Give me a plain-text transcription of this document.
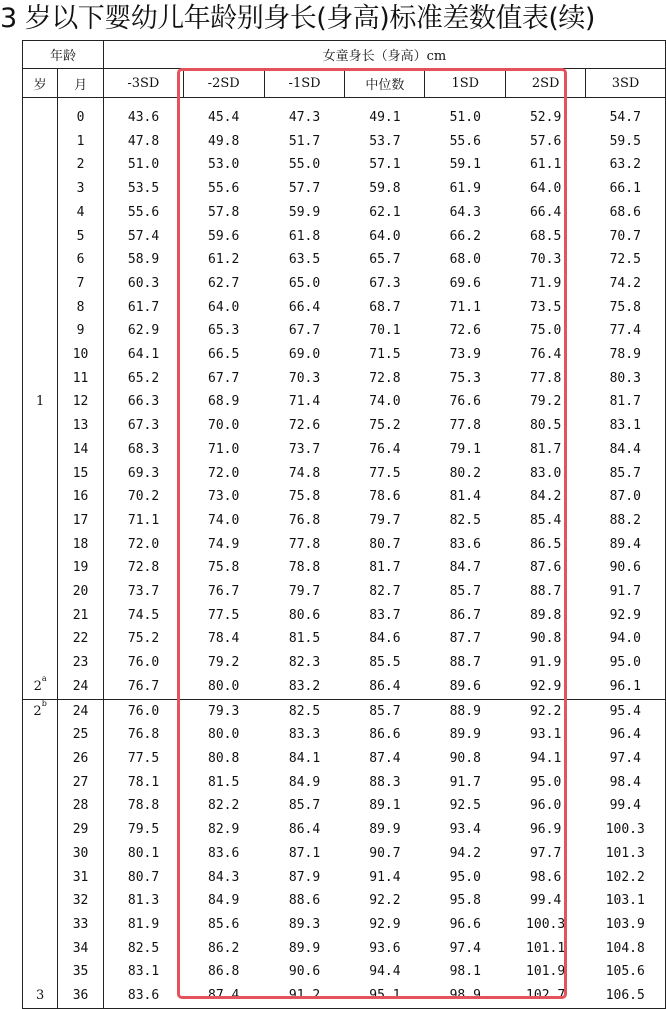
3 岁以下婴幼儿年龄别身长(身高)标准差数值表(续)
年龄		女童身长（身高）cm						
岁	月	-3SD	-2SD	-1SD	中位数	1SD	2SD	3SD
	0	43.6	45.4	47.3	49.1	51.0	52.9	54.7
	1	47.8	49.8	51.7	53.7	55.6	57.6	59.5
	2	51.0	53.0	55.0	57.1	59.1	61.1	63.2
	3	53.5	55.6	57.7	59.8	61.9	64.0	66.1
	4	55.6	57.8	59.9	62.1	64.3	66.4	68.6
	5	57.4	59.6	61.8	64.0	66.2	68.5	70.7
	6	58.9	61.2	63.5	65.7	68.0	70.3	72.5
	7	60.3	62.7	65.0	67.3	69.6	71.9	74.2
	8	61.7	64.0	66.4	68.7	71.1	73.5	75.8
	9	62.9	65.3	67.7	70.1	72.6	75.0	77.4
	10	64.1	66.5	69.0	71.5	73.9	76.4	78.9
	11	65.2	67.7	70.3	72.8	75.3	77.8	80.3
1	12	66.3	68.9	71.4	74.0	76.6	79.2	81.7
	13	67.3	70.0	72.6	75.2	77.8	80.5	83.1
	14	68.3	71.0	73.7	76.4	79.1	81.7	84.4
	15	69.3	72.0	74.8	77.5	80.2	83.0	85.7
	16	70.2	73.0	75.8	78.6	81.4	84.2	87.0
	17	71.1	74.0	76.8	79.7	82.5	85.4	88.2
	18	72.0	74.9	77.8	80.7	83.6	86.5	89.4
	19	72.8	75.8	78.8	81.7	84.7	87.6	90.6
	20	73.7	76.7	79.7	82.7	85.7	88.7	91.7
	21	74.5	77.5	80.6	83.7	86.7	89.8	92.9
	22	75.2	78.4	81.5	84.6	87.7	90.8	94.0
	23	76.0	79.2	82.3	85.5	88.7	91.9	95.0
2$^a$	24	76.7	80.0	83.2	86.4	89.6	92.9	96.1
2$^b$	24	76.0	79.3	82.5	85.7	88.9	92.2	95.4
	25	76.8	80.0	83.3	86.6	89.9	93.1	96.4
	26	77.5	80.8	84.1	87.4	90.8	94.1	97.4
	27	78.1	81.5	84.9	88.3	91.7	95.0	98.4
	28	78.8	82.2	85.7	89.1	92.5	96.0	99.4
	29	79.5	82.9	86.4	89.9	93.4	96.9	100.3
	30	80.1	83.6	87.1	90.7	94.2	97.7	101.3
	31	80.7	84.3	87.9	91.4	95.0	98.6	102.2
	32	81.3	84.9	88.6	92.2	95.8	99.4	103.1
	33	81.9	85.6	89.3	92.9	96.6	100.3	103.9
	34	82.5	86.2	89.9	93.6	97.4	101.1	104.8
	35	83.1	86.8	90.6	94.4	98.1	101.9	105.6
3	36	83.6	87.4	91.2	95.1	98.9	102.7	106.5
